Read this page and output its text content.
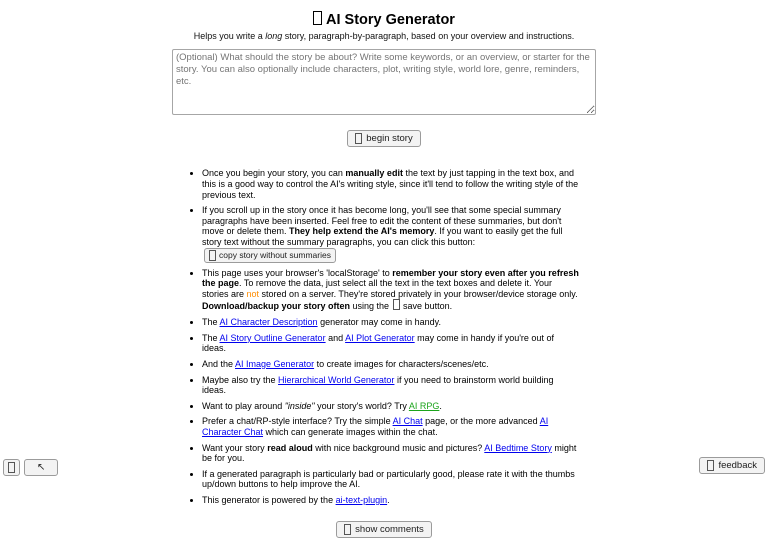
AI Story Generator

Helps you write a long story, paragraph-by-paragraph, based on your overview and instructions.

(Optional) What should the story be about? Write some keywords, or an overview, or starter for the story. You can also optionally include characters, plot, writing style, world lore, genre, reminders, etc.
begin story
• Once you begin your story, you can manually edit the text by just tapping in the text box, and this is a good way to control the AI's writing style, since it'll tend to follow the writing style of the previous text.
• If you scroll up in the story once it has become long, you'll see that some special summary paragraphs have been inserted. Feel free to edit the content of these summaries, but don't move or delete them. They help extend the AI's memory. If you want to easily get the full story text without the summary paragraphs, you can click this button:
copy story without summaries
• This page uses your browser's 'localStorage' to remember your story even after you refresh the page. To remove the data, just select all the text in the text boxes and delete it. Your stories are not stored on a server. They're stored privately in your browser/device storage only. Download/backup your story often using the  save button.
• The AI Character Description generator may come in handy.
• The AI Story Outline Generator and AI Plot Generator may come in handy if you're out of ideas.
• And the AI Image Generator to create images for characters/scenes/etc.
• Maybe also try the Hierarchical World Generator if you need to brainstorm world building ideas.
• Want to play around "inside" your story's world? Try AI RPG.
• Prefer a chat/RP-style interface? Try the simple AI Chat page, or the more advanced AI Character Chat which can generate images within the chat.
• Want your story read aloud with nice background music and pictures? AI Bedtime Story might be for you.
• If a generated paragraph is particularly bad or particularly good, please rate it with the thumbs up/down buttons to help improve the AI.
• This generator is powered by the ai-text-plugin.
show comments
↖	feedback
